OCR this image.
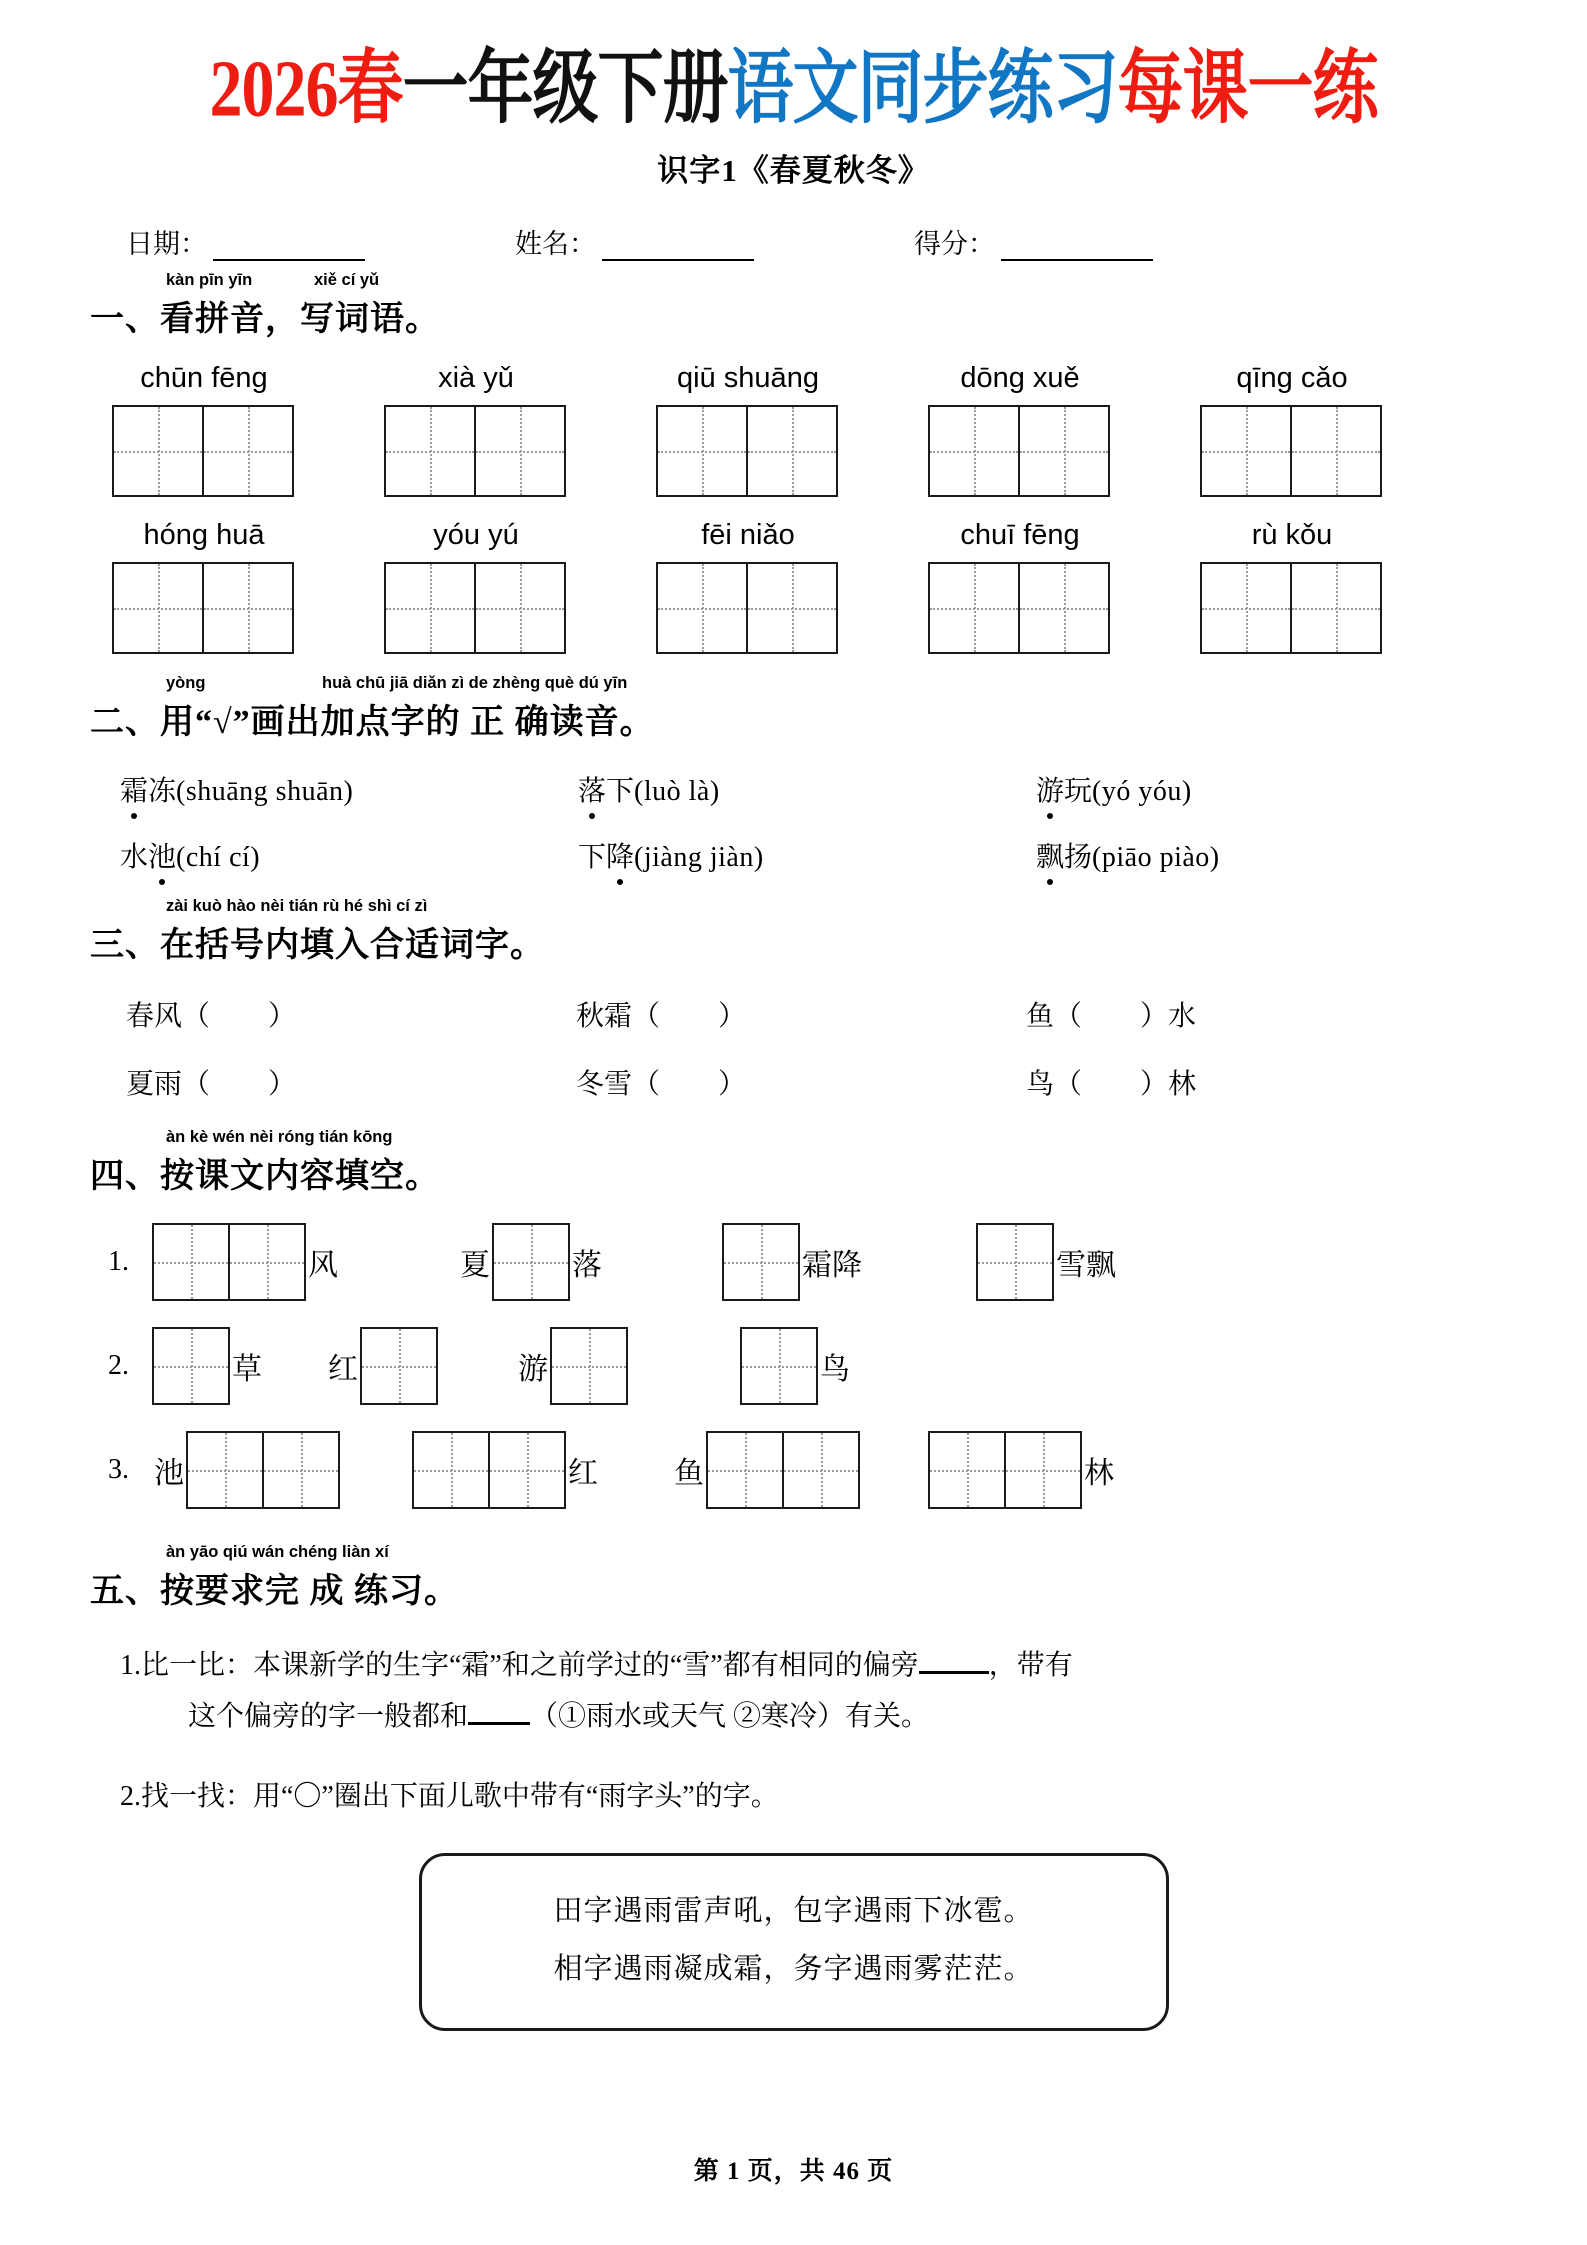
2026春一年级下册语文同步练习每课一练
识字1《春夏秋冬》
日期：	姓名：	得分：
kàn pīn yīn	xiě cí yǔ
一、看拼音，写词语。
chūn fēng	xià yǔ	qiū shuāng	dōng xuě	qīng cǎo
hóng huā	yóu yú	fēi niǎo	chuī fēng	rù kǒu
yòng	huà chū jiā diǎn zì de zhèng què dú yīn
二、用“√”画出加点字的 正 确读音。
霜冻(shuāng shuān)	落下(luò là)	游玩(yó yóu)
水池(chí cí)	下降(jiàng jiàn)	飘扬(piāo piào)
zài kuò hào nèi tián rù hé shì cí zì
三、在括号内填入合适词字。
春风（ ）	秋霜（ ）	鱼（ ）水
夏雨（ ）	冬雪（ ）	鸟（ ）林
àn kè wén nèi róng tián kōng
四、按课文内容填空。
1.	风	夏	落	霜降	雪飘
2.	草 红	游	鸟
3. 池	红	鱼	林
àn yāo qiú wán chéng liàn xí
五、按要求完 成 练习。
1.比一比：本课新学的生字“霜”和之前学过的“雪”都有相同的偏旁	，带有
这个偏旁的字一般都和 （①雨水或天气 ②寒冷）有关。
2.找一找：用“〇”圈出下面儿歌中带有“雨字头”的字。
田字遇雨雷声吼，包字遇雨下冰雹。
相字遇雨凝成霜，务字遇雨雾茫茫。
第 1 页，共 46 页
